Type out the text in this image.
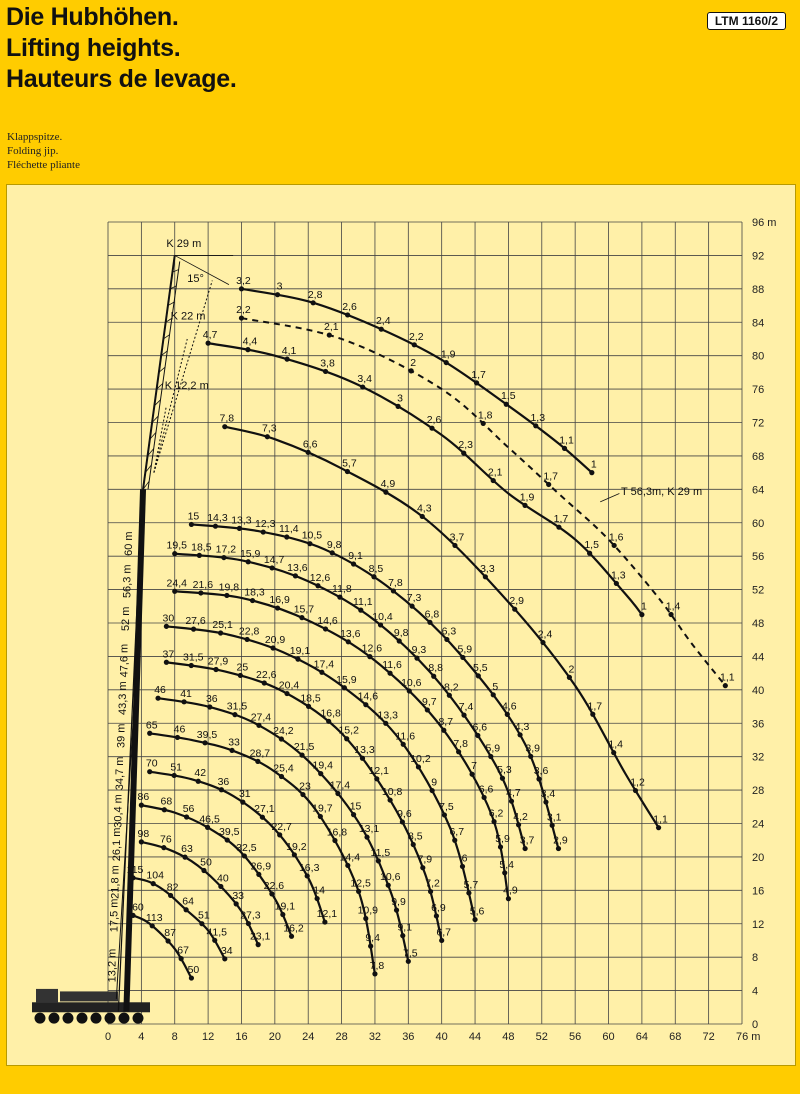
Die Hubhöhen.
Lifting heights.
Hauteurs de levage.
LTM 1160/2
Klappspitze.
Folding jip.
Fléchette pliante
0 4 8 12 16 20 24 28 32 36 40 44 48 52 56 60 64 68 72 76 m
0
4
8
12
16
20
24
28
32
36
40
44
48
52
56
60
64
68
72
76
80
84
88
92
96 m
13,2 m
17,5 m
21,8 m
26,1 m
30,4 m
34,7 m
39 m
43,3 m
47,6 m
52 m
56,3 m
60 m
K 29 m
K 22 m
K 12,2 m
15°
160
113
87
67
50
115 104
82
64
51
41,5
34
98 76
63
50
40
33
27,3
23,1
86 68
56
46,5
39,5
32,5
26,9
22,6
19,1
16,2
70 51 42
36
31
27,1
22,7
19,2
16,3
14
12,1
65 46 39,5
33
28,7
25,4
23
19,7
16,8
14,4
12,5
10,9
9,4
7,8
46 41 36
31,5
27,4
24,2
21,5
19,4
17,4
15
13,1
11,5
10,6
9,9
9,1
7,5
37 31,5 27,9 25
22,6
20,4
18,5
16,8
15,2
13,3
12,1
10,8
9,6
8,5
7,9
7,2
6,9
6,7
30 27,6 25,1
22,8
20,9
19,1
17,4
15,9
14,6
13,3
11,6
10,2
9
7,5
6,7
6
5,7
5,6
24,4 21,6 19,8 18,3
16,9
15,7
14,6
13,6
12,6
11,6
10,6
9,7
8,7
7,8
7
6,6
6,2
5,9
5,4
4,9
19,5 18,5 17,2 15,9
14,7
13,6
12,6
11,8
11,1
10,4
9,8
9,3
8,8
8,2
7,4
6,6
5,9
5,3
4,7
4,2
3,7
15 14,3 13,3 12,3 11,4
10,5
9,8
9,1
8,5
7,8
7,3
6,8
6,3
5,9
5,5
5
4,6
4,3
3,9
3,6
3,4
3,1
2,9
7,8
7,3
6,6
5,7
4,9
4,3
3,7
3,3
2,9
2,4
2
1,7
1,4
1,2
1,1
4,7
4,4
4,1
3,8
3,4
3
2,6
2,3
2,1
1,9
1,7
1,5
1,3
1
3,2 3
2,8
2,6
2,4
2,2
1,9
1,7
1,5
1,3
1,1
1
2,2
2,1
2
1,8
1,7
1,6
1,4
1,1
T 56,3m, K 29 m
